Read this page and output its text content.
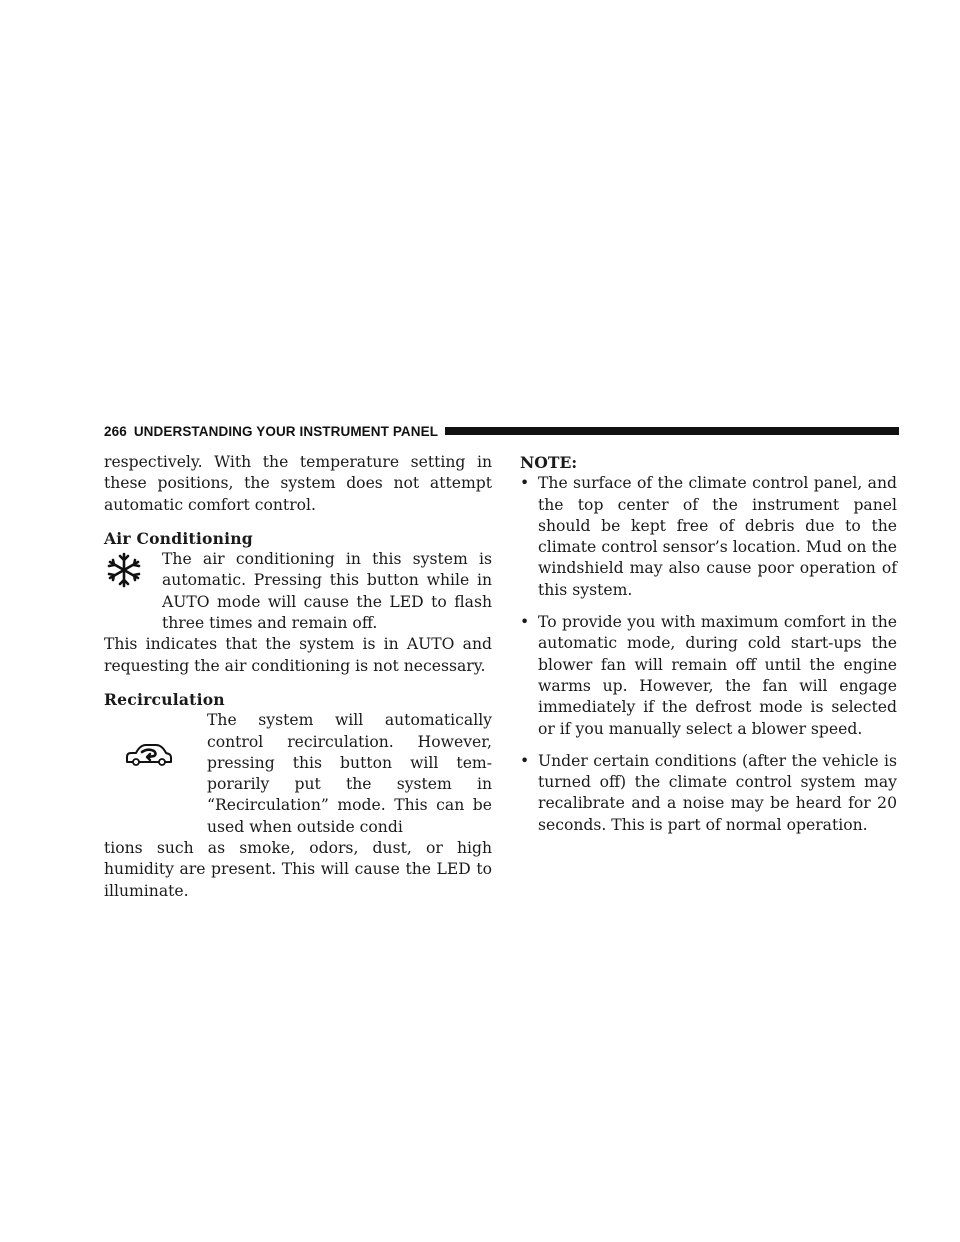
266 UNDERSTANDING YOUR INSTRUMENT PANEL

respectively. With the temperature setting in these positions, the system does not attempt automatic comfort control.

Air Conditioning

The air conditioning in this system is automatic. Pressing this button while in AUTO mode will cause the LED to flash three times and remain off.

This indicates that the system is in AUTO and requesting the air conditioning is not necessary.

Recirculation

The system will automatically control recirculation. However, pressing this button will temporarily put the system in “Recirculation” mode. This can be used when outside condi

tions such as smoke, odors, dust, or high humidity are present. This will cause the LED to illuminate.

NOTE:

• The surface of the climate control panel, and the top center of the instrument panel should be kept free of debris due to the climate control sensor’s location. Mud on the windshield may also cause poor operation of this system.
• To provide you with maximum comfort in the automatic mode, during cold start-ups the blower fan will remain off until the engine warms up. However, the fan will engage immediately if the defrost mode is selected or if you manually select a blower speed.
• Under certain conditions (after the vehicle is turned off) the climate control system may recalibrate and a noise may be heard for 20 seconds. This is part of normal operation.
